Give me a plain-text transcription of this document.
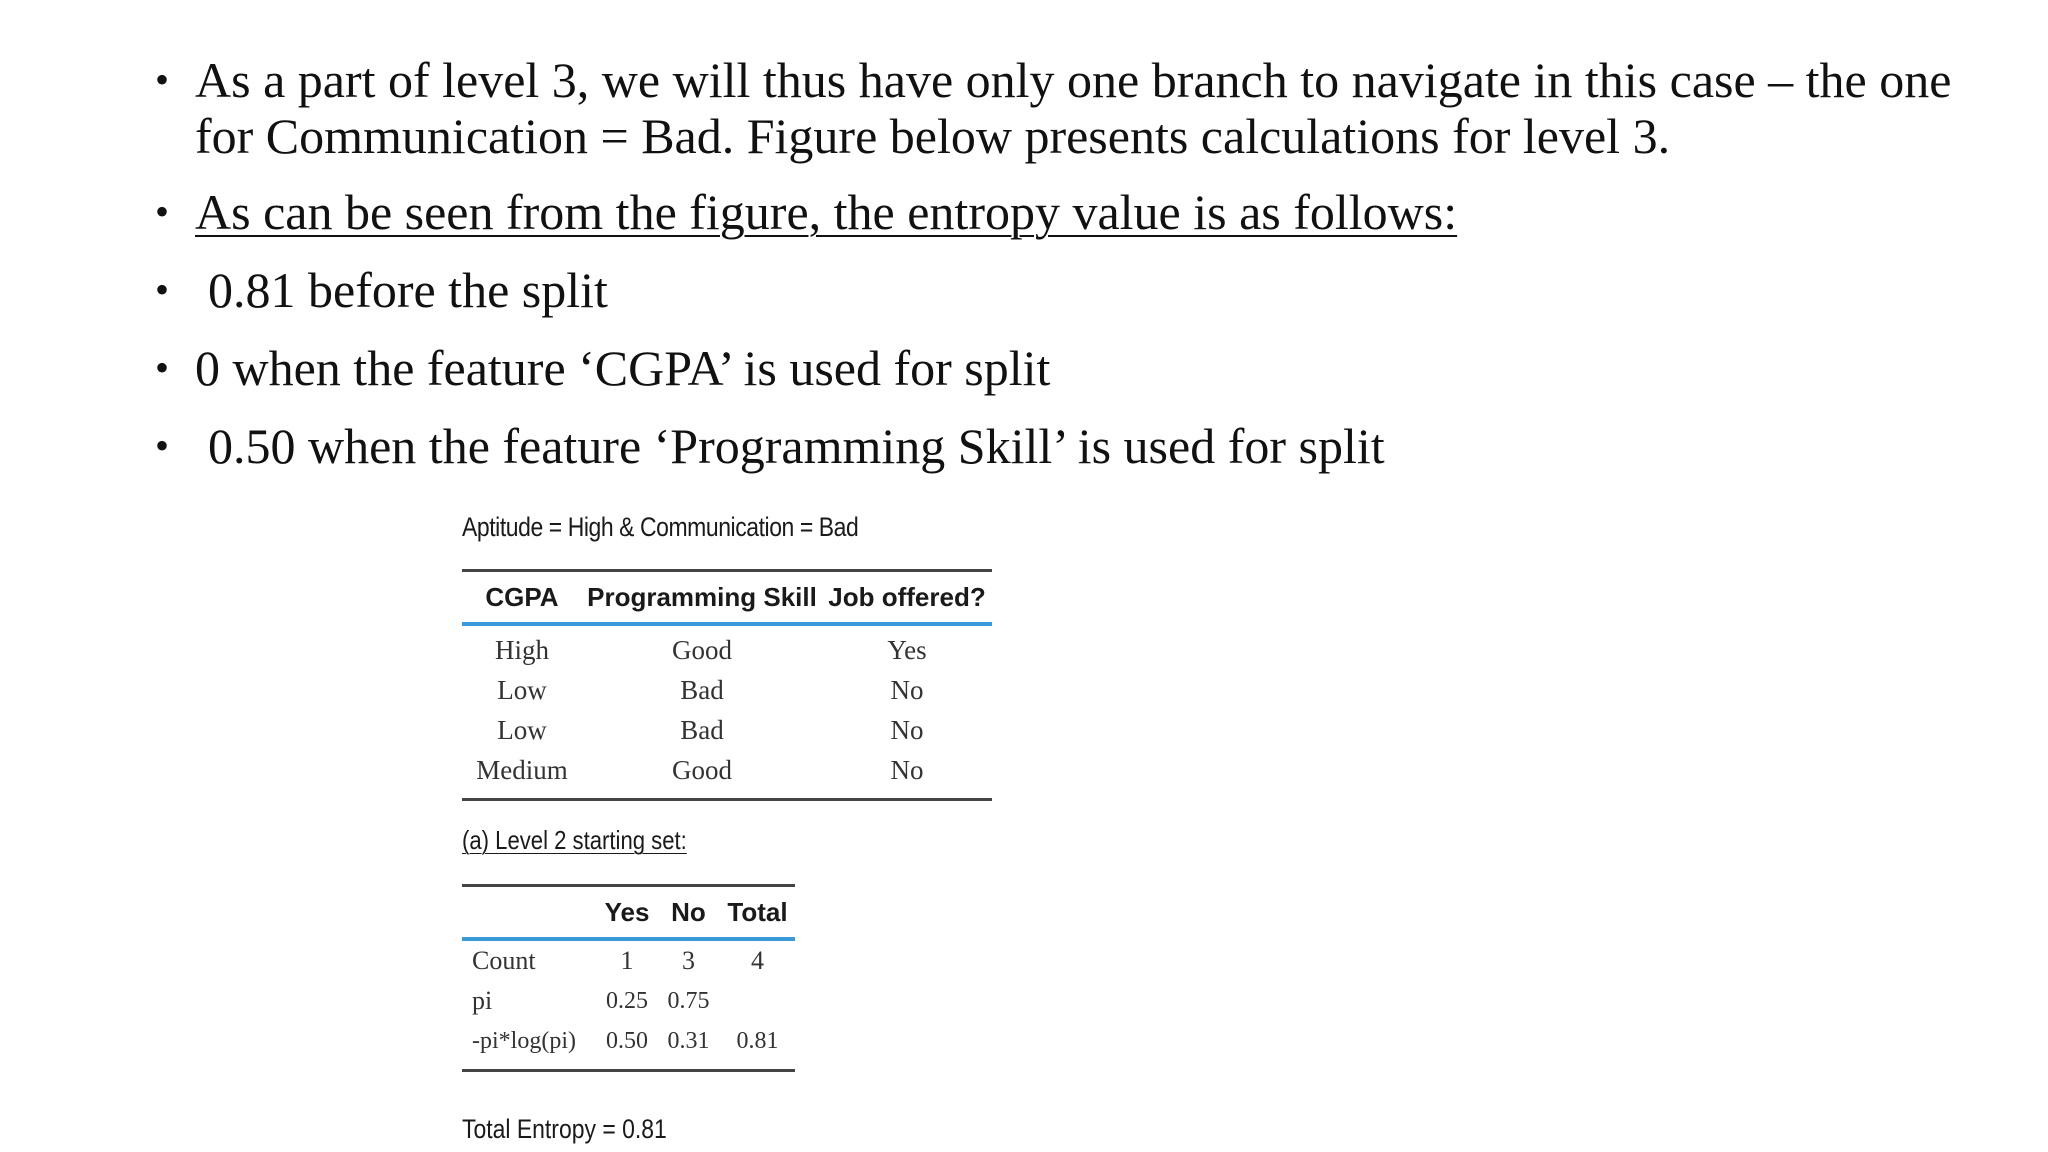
• As a part of level 3, we will thus have only one branch to navigate in this case – the one for Communication = Bad. Figure below presents calculations for level 3.
• As can be seen from the figure, the entropy value is as follows:
• 0.81 before the split
• 0 when the feature ‘CGPA’ is used for split
• 0.50 when the feature ‘Programming Skill’ is used for split
Aptitude = High & Communication = Bad
CGPA	Programming Skill	Job offered?
High	Good	Yes
Low	Bad	No
Low	Bad	No
Medium	Good	No
(a) Level 2 starting set:
	Yes	No	Total
Count	1	3	4
pi	0.25	0.75	
-pi*log(pi)	0.50	0.31	0.81
Total Entropy = 0.81
